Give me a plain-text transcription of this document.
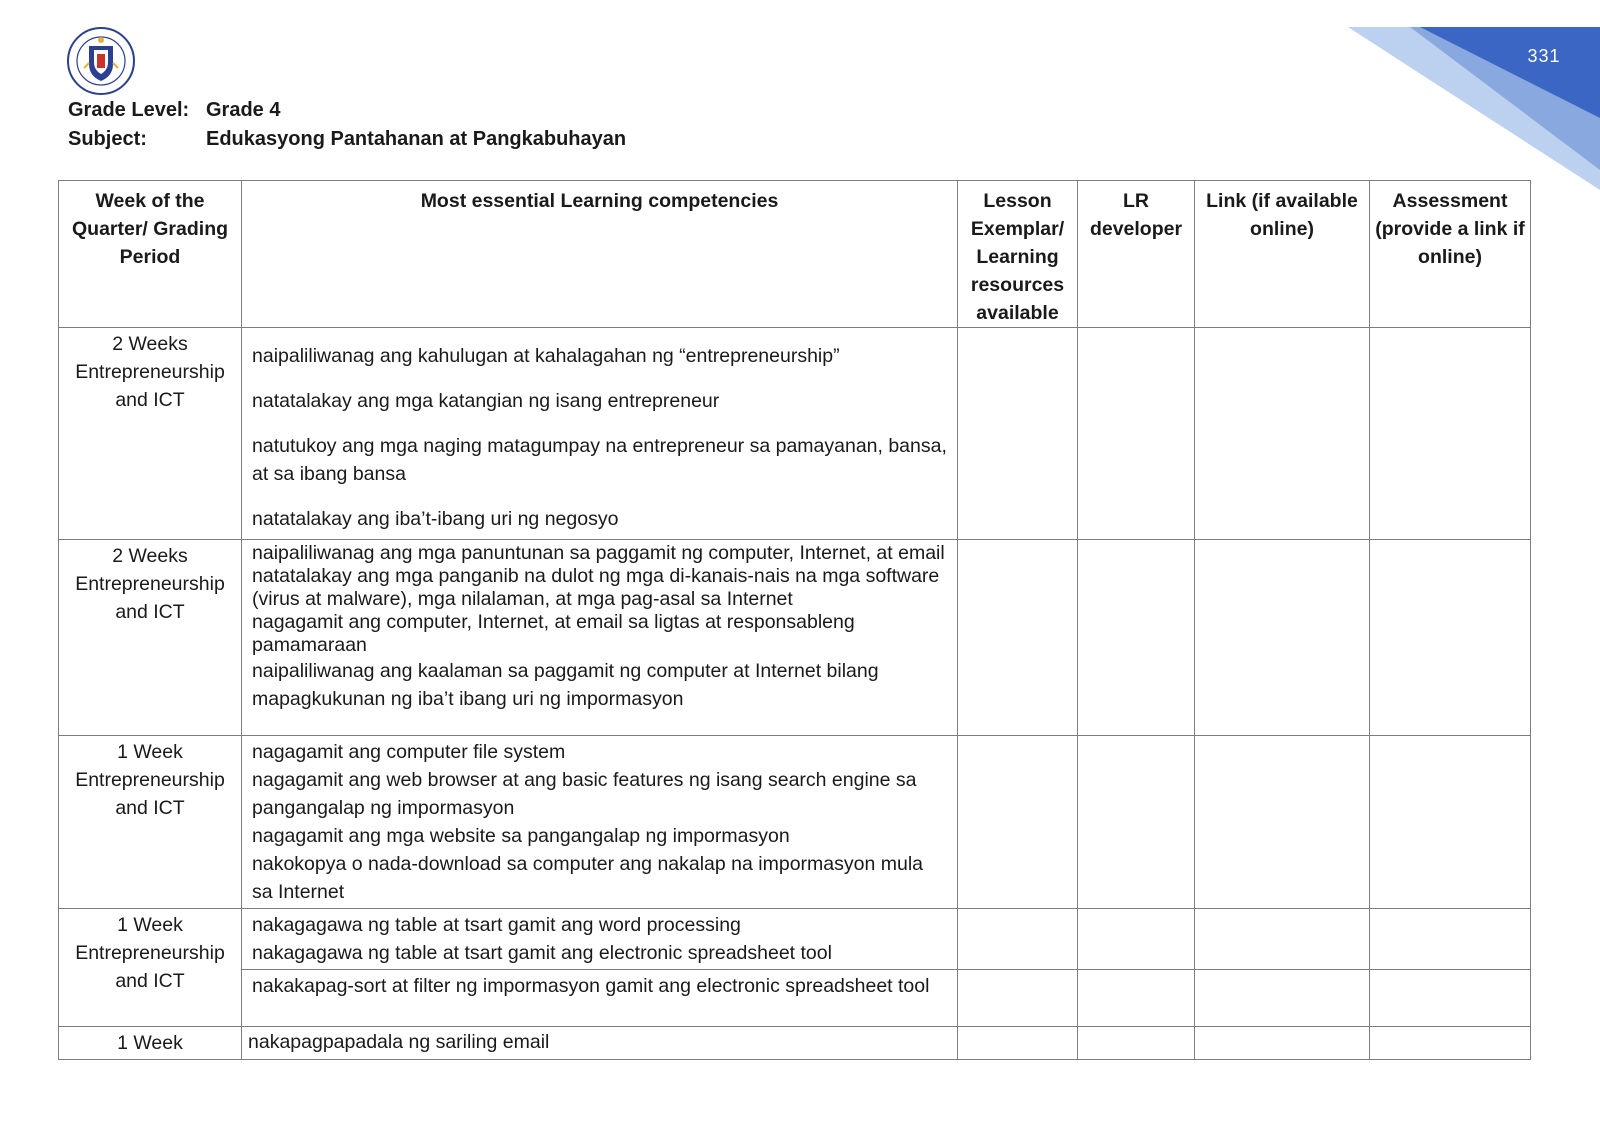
331
Grade Level: Grade 4
Subject:	Edukasyong Pantahanan at Pangkabuhayan
Week of the Quarter/ Grading Period	Most essential Learning competencies	Lesson Exemplar/ Learning resources available	LR developer	Link (if available online)	Assessment (provide a link if online)
2 Weeks Entrepreneurship and ICT	naipaliliwanag ang kahulugan at kahalagahan ng “entrepreneurship”
natatalakay ang mga katangian ng isang entrepreneur
natutukoy ang mga naging matagumpay na entrepreneur sa pamayanan, bansa, at sa ibang bansa
natatalakay ang iba’t-ibang uri ng negosyo				

2 Weeks Entrepreneurship and ICT	naipaliliwanag ang mga panuntunan sa paggamit ng computer, Internet, at email
natatalakay ang mga panganib na dulot ng mga di-kanais-nais na mga software (virus at malware), mga nilalaman, at mga pag-asal sa Internet
nagagamit ang computer, Internet, at email sa ligtas at responsableng pamamaraan
naipaliliwanag ang kaalaman sa paggamit ng computer at Internet bilang mapagkukunan ng iba’t ibang uri ng impormasyon				

1 Week Entrepreneurship and ICT	nagagamit ang computer file system
nagagamit ang web browser at ang basic features ng isang search engine sa pangangalap ng impormasyon
nagagamit ang mga website sa pangangalap ng impormasyon
nakokopya o nada-download sa computer ang nakalap na impormasyon mula sa Internet				

1 Week Entrepreneurship and ICT	nakagagawa ng table at tsart gamit ang word processing
nakagagawa ng table at tsart gamit ang electronic spreadsheet tool				

	nakakapag-sort at filter ng impormasyon gamit ang electronic spreadsheet tool				

1 Week	nakapagpapadala ng sariling email				
